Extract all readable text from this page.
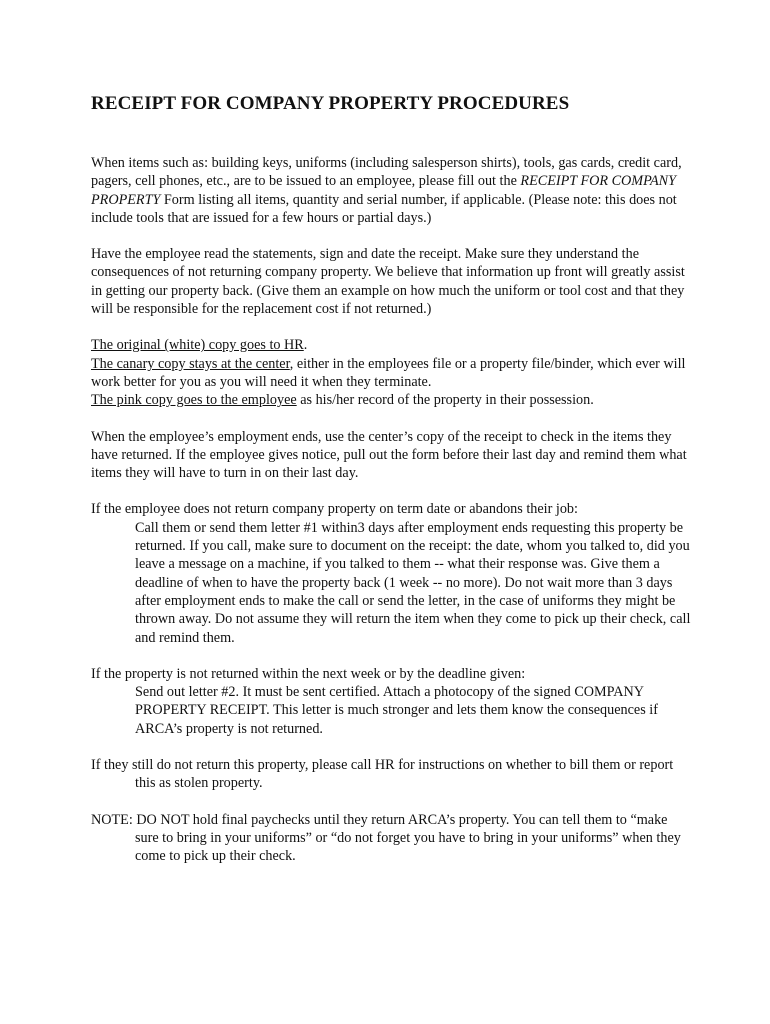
RECEIPT FOR COMPANY PROPERTY PROCEDURES

When items such as: building keys, uniforms (including salesperson shirts), tools, gas cards, credit card, pagers, cell phones, etc., are to be issued to an employee, please fill out the RECEIPT FOR COMPANY PROPERTY Form listing all items, quantity and serial number, if applicable. (Please note: this does not include tools that are issued for a few hours or partial days.)

Have the employee read the statements, sign and date the receipt. Make sure they understand the consequences of not returning company property. We believe that information up front will greatly assist in getting our property back. (Give them an example on how much the uniform or tool cost and that they will be responsible for the replacement cost if not returned.)

The original (white) copy goes to HR.
The canary copy stays at the center, either in the employees file or a property file/binder, which ever will work better for you as you will need it when they terminate.
The pink copy goes to the employee as his/her record of the property in their possession.

When the employee’s employment ends, use the center’s copy of the receipt to check in the items they have returned. If the employee gives notice, pull out the form before their last day and remind them what items they will have to turn in on their last day.

If the employee does not return company property on term date or abandons their job:
Call them or send them letter #1 within3 days after employment ends requesting this property be returned. If you call, make sure to document on the receipt: the date, whom you talked to, did you leave a message on a machine, if you talked to them -- what their response was. Give them a deadline of when to have the property back (1 week -- no more). Do not wait more than 3 days after employment ends to make the call or send the letter, in the case of uniforms they might be thrown away. Do not assume they will return the item when they come to pick up their check, call and remind them.

If the property is not returned within the next week or by the deadline given:
Send out letter #2. It must be sent certified. Attach a photocopy of the signed COMPANY PROPERTY RECEIPT. This letter is much stronger and lets them know the consequences if ARCA’s property is not returned.

If they still do not return this property, please call HR for instructions on whether to bill them or report this as stolen property.

NOTE: DO NOT hold final paychecks until they return ARCA’s property. You can tell them to “make sure to bring in your uniforms” or “do not forget you have to bring in your uniforms” when they come to pick up their check.
